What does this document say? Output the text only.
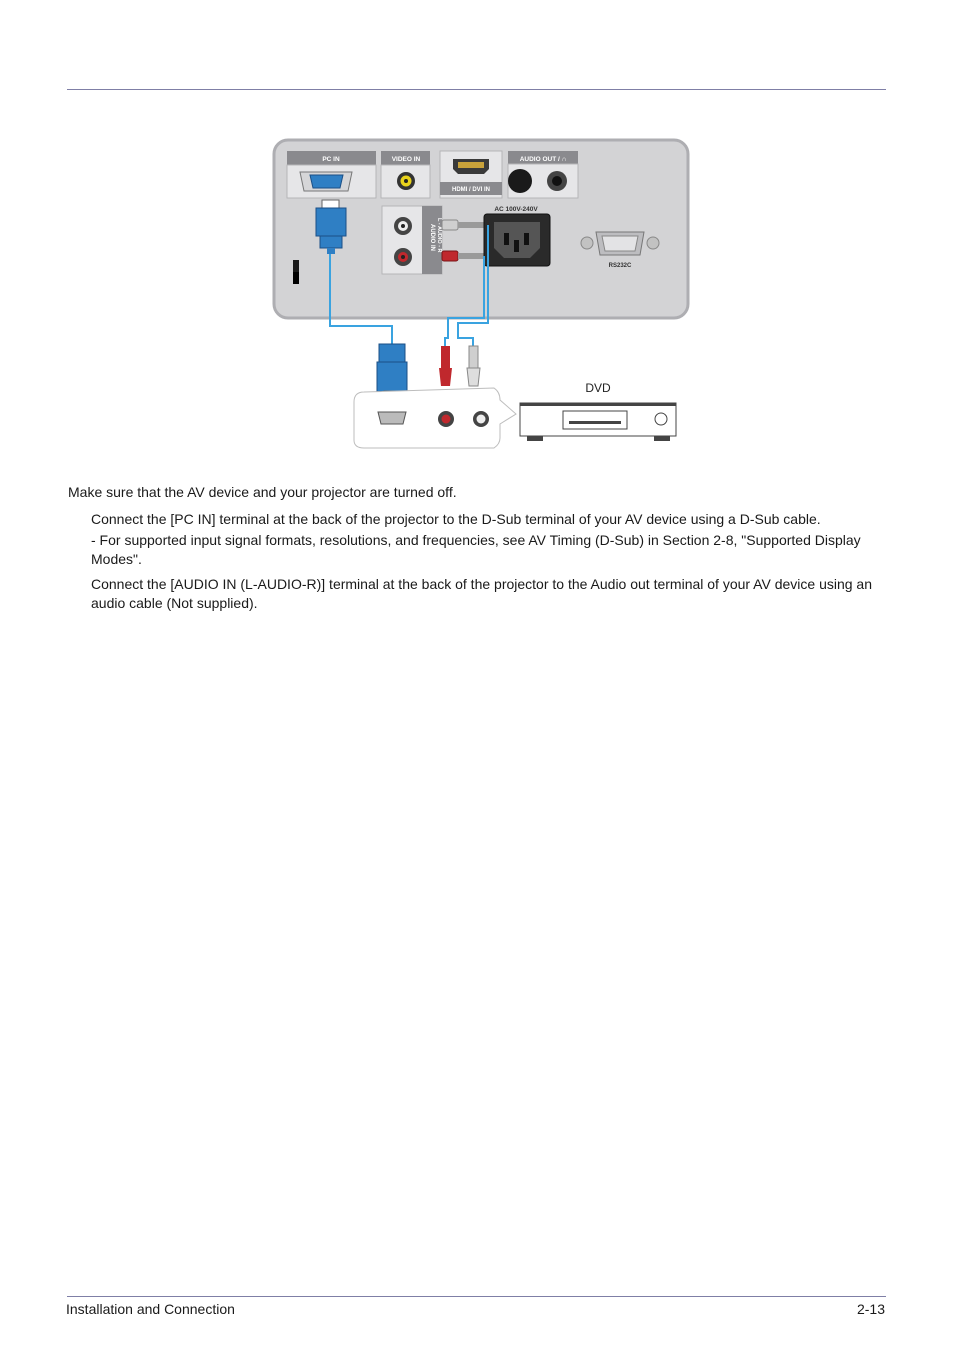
PC IN	VIDEO IN
HDMI / DVI IN
AUDIO OUT / ∩
AUDIO IN L - AUDIO - R
AC 100V-240V
RS232C
DVD
Make sure that the AV device and your projector are turned off.
Connect the [PC IN] terminal at the back of the projector to the D-Sub terminal of your AV device using a D-Sub cable.
- For supported input signal formats, resolutions, and frequencies, see AV Timing (D-Sub) in Section 2-8, "Supported Display Modes".
Connect the [AUDIO IN (L-AUDIO-R)] terminal at the back of the projector to the Audio out terminal of your AV device using an audio cable (Not supplied).
Installation and Connection	2-13
